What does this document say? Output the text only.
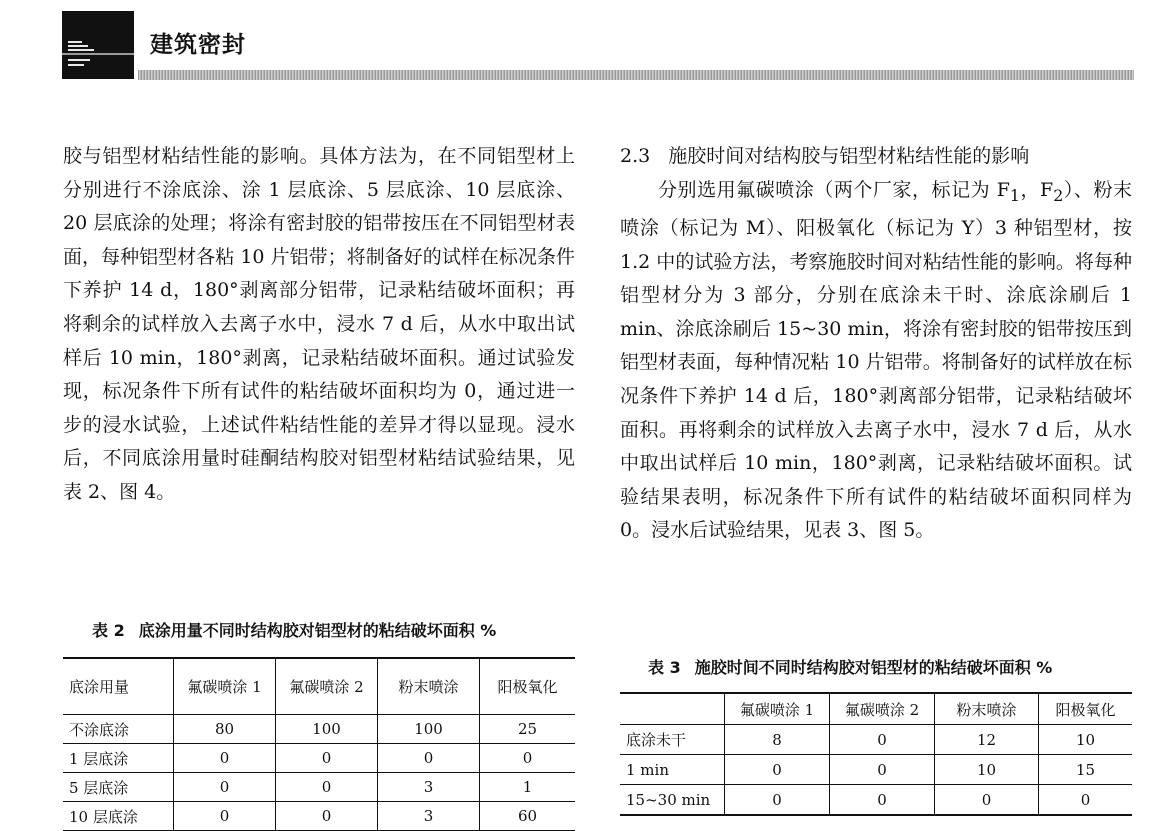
建筑密封

胶与铝型材粘结性能的影响。具体方法为，在不同铝型材上分别进行不涂底涂、涂 1 层底涂、5 层底涂、10 层底涂、20 层底涂的处理；将涂有密封胶的铝带按压在不同铝型材表面，每种铝型材各粘 10 片铝带；将制备好的试样在标况条件下养护 14 d，180°剥离部分铝带，记录粘结破坏面积；再将剩余的试样放入去离子水中，浸水 7 d 后，从水中取出试样后 10 min，180°剥离，记录粘结破坏面积。通过试验发现，标况条件下所有试件的粘结破坏面积均为 0，通过进一步的浸水试验，上述试件粘结性能的差异才得以显现。浸水后，不同底涂用量时硅酮结构胶对铝型材粘结试验结果，见表 2、图 4。

2.3 施胶时间对结构胶与铝型材粘结性能的影响

分别选用氟碳喷涂（两个厂家，标记为 $F_1$，$F_2$）、粉末喷涂（标记为 M）、阳极氧化（标记为 Y）3 种铝型材，按 1.2 中的试验方法，考察施胶时间对粘结性能的影响。将每种铝型材分为 3 部分，分别在底涂未干时、涂底涂刷后 1 min、涂底涂刷后 15~30 min，将涂有密封胶的铝带按压到铝型材表面，每种情况粘 10 片铝带。将制备好的试样放在标况条件下养护 14 d 后，180°剥离部分铝带，记录粘结破坏面积。再将剩余的试样放入去离子水中，浸水 7 d 后，从水中取出试样后 10 min，180°剥离，记录粘结破坏面积。试验结果表明，标况条件下所有试件的粘结破坏面积同样为 0。浸水后试验结果，见表 3、图 5。

表 2 底涂用量不同时结构胶对铝型材的粘结破坏面积 %
底涂用量	氟碳喷涂 1	氟碳喷涂 2	粉末喷涂	阳极氧化
不涂底涂	80	100	100	25
1 层底涂	0	0	0	0
5 层底涂	0	0	3	1
10 层底涂	0	0	3	60
表 3 施胶时间不同时结构胶对铝型材的粘结破坏面积 %
	氟碳喷涂 1	氟碳喷涂 2	粉末喷涂	阳极氧化
底涂未干	8	0	12	10
1 min	0	0	10	15
15~30 min	0	0	0	0
